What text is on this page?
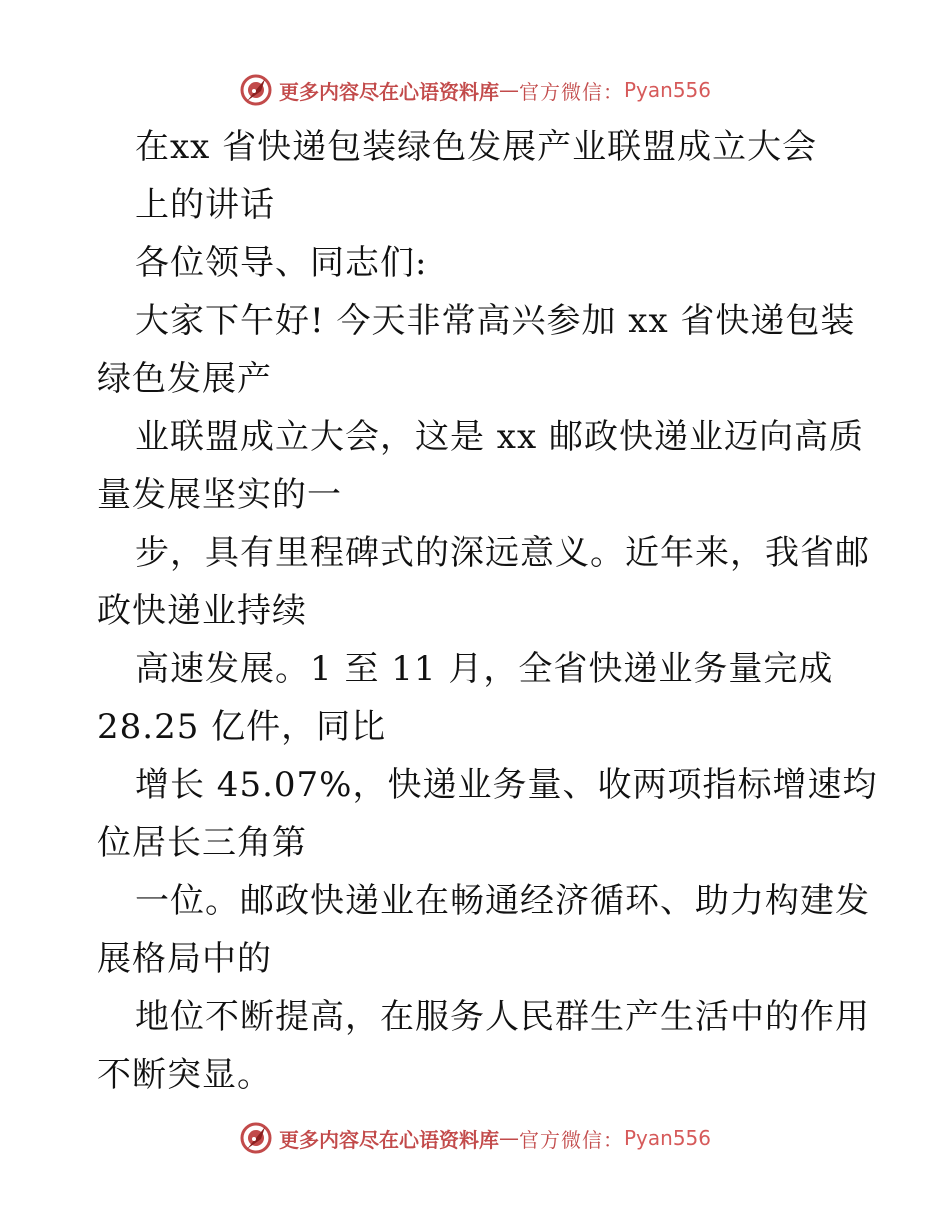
更多内容尽在心语资料库 — 官方微信： Pyan556
在xx 省快递包装绿色发展产业联盟成立大会
上的讲话
各位领导、同志们:
大家下午好! 今天非常高兴参加 xx 省快递包装
绿色发展产
业联盟成立大会，这是 xx 邮政快递业迈向高质
量发展坚实的一
步，具有里程碑式的深远意义。近年来，我省邮
政快递业持续
高速发展。1 至 11 月，全省快递业务量完成
28.25 亿件，同比
增长 45.07%，快递业务量、收两项指标增速均
位居长三角第
一位。邮政快递业在畅通经济循环、助力构建发
展格局中的
地位不断提高，在服务人民群生产生活中的作用
不断突显。
更多内容尽在心语资料库 — 官方微信： Pyan556
